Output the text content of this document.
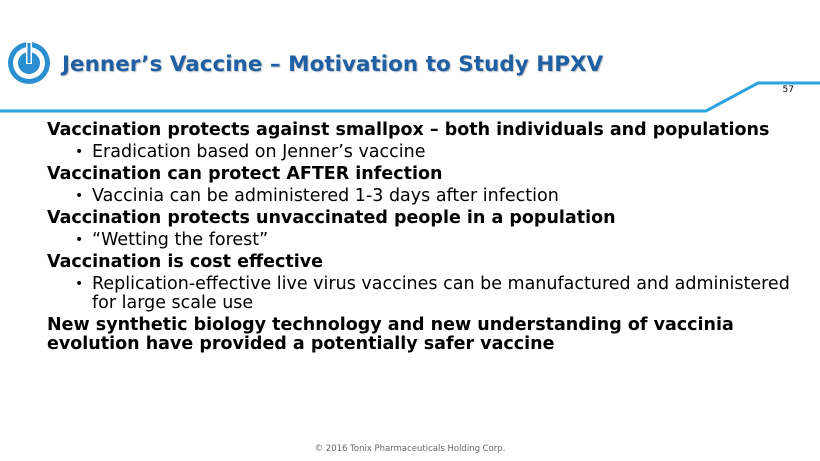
Jenner’s Vaccine – Motivation to Study HPXV
57

Vaccination protects against smallpox – both individuals and populations

• Eradication based on Jenner’s vaccine

Vaccination can protect AFTER infection

• Vaccinia can be administered 1-3 days after infection

Vaccination protects unvaccinated people in a population

• “Wetting the forest”

Vaccination is cost effective

• Replication-effective live virus vaccines can be manufactured and administered for large scale use

New synthetic biology technology and new understanding of vaccinia evolution have provided a potentially safer vaccine

© 2016 Tonix Pharmaceuticals Holding Corp.
